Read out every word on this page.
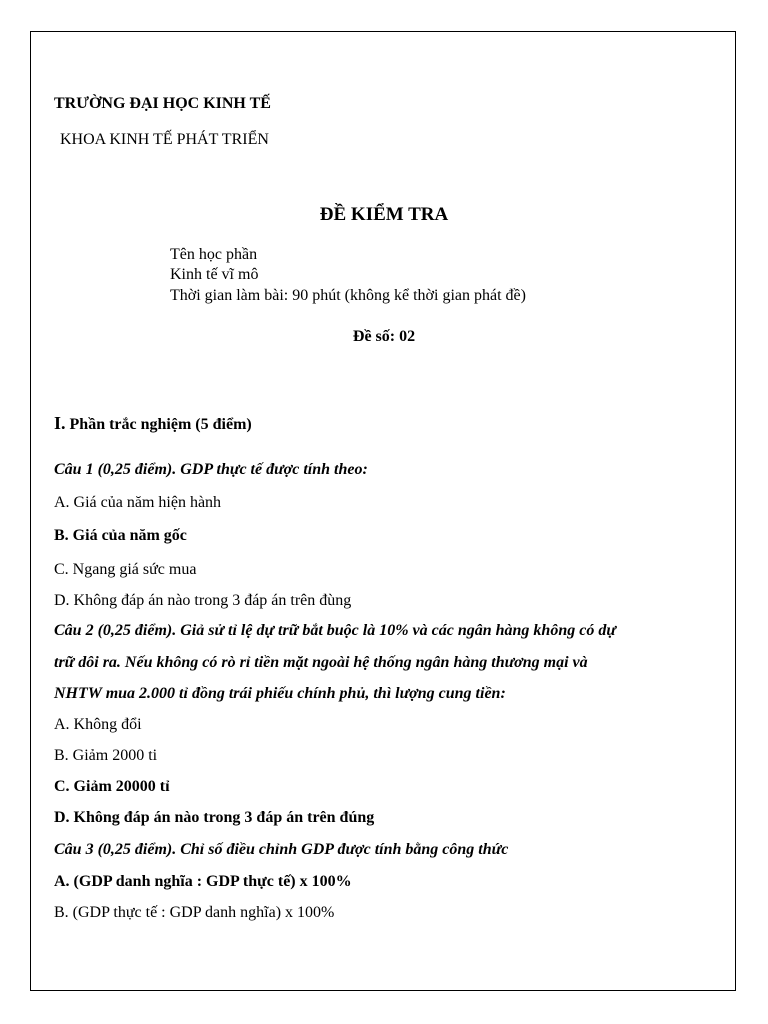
TRƯỜNG ĐẠI HỌC KINH TẾ
KHOA KINH TẾ PHÁT TRIỂN
ĐỀ KIỂM TRA
Tên học phần
Kinh tế vĩ mô
Thời gian làm bài: 90 phút (không kể thời gian phát đề)
Đề số: 02
I. Phần trắc nghiệm (5 điểm)
Câu 1 (0,25 điểm). GDP thực tế được tính theo:
A. Giá của năm hiện hành
B. Giá của năm gốc
C. Ngang giá sức mua
D. Không đáp án nào trong 3 đáp án trên đùng
Câu 2 (0,25 điểm). Giả sử tỉ lệ dự trữ bắt buộc là 10% và các ngân hàng không có dự
trữ dôi ra. Nếu không có rò rỉ tiền mặt ngoài hệ thống ngân hàng thương mại và
NHTW mua 2.000 tỉ đồng trái phiếu chính phủ, thì lượng cung tiền:
A. Không đổi
B. Giảm 2000 ti
C. Giảm 20000 tỉ
D. Không đáp án nào trong 3 đáp án trên đúng
Câu 3 (0,25 điểm). Chỉ số điều chỉnh GDP được tính bằng công thức
A. (GDP danh nghĩa : GDP thực tế) x 100%
B. (GDP thực tế : GDP danh nghĩa) x 100%
